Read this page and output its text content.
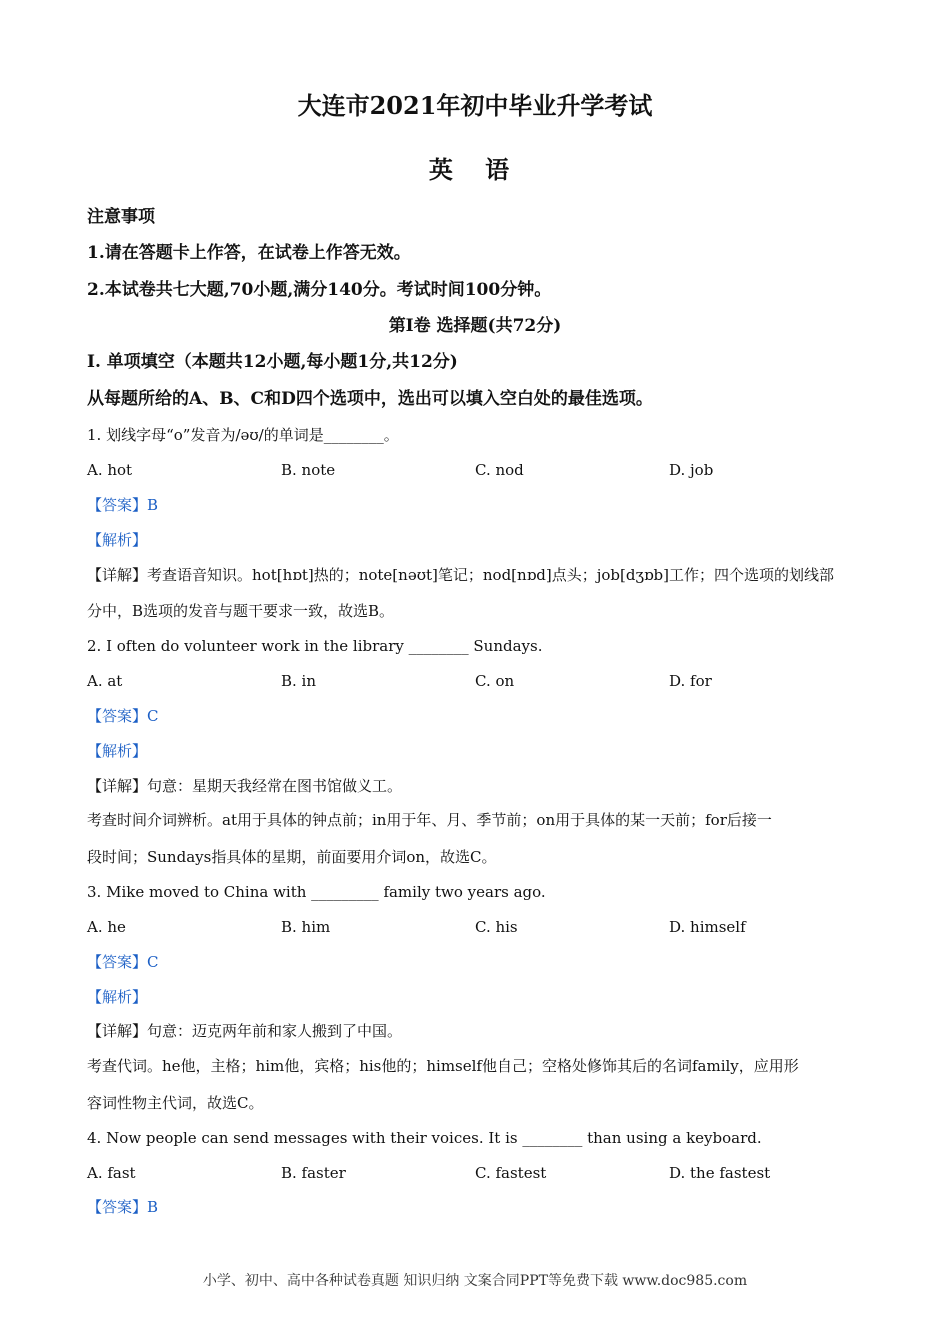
大连市2021年初中毕业升学考试
英 语
注意事项
1.请在答题卡上作答，在试卷上作答无效。
2.本试卷共七大题,70小题,满分140分。考试时间100分钟。
第Ⅰ卷 选择题(共72分)
Ⅰ. 单项填空（本题共12小题,每小题1分,共12分)
从每题所给的A、B、C和D四个选项中，选出可以填入空白处的最佳选项。
1. 划线字母“o”发音为/əʊ/的单词是________。
A. hot	B. note	C. nod	D. job
【答案】B
【解析】
【详解】考查语音知识。hot[hɒt]热的；note[nəʊt]笔记；nod[nɒd]点头；job[dʒɒb]工作；四个选项的划线部
分中，B选项的发音与题干要求一致，故选B。
2. I often do volunteer work in the library ________ Sundays.
A. at	B. in	C. on	D. for
【答案】C
【解析】
【详解】句意：星期天我经常在图书馆做义工。
考查时间介词辨析。at用于具体的钟点前；in用于年、月、季节前；on用于具体的某一天前；for后接一
段时间；Sundays指具体的星期，前面要用介词on，故选C。
3. Mike moved to China with _________ family two years ago.
A. he	B. him	C. his	D. himself
【答案】C
【解析】
【详解】句意：迈克两年前和家人搬到了中国。
考查代词。he他，主格；him他，宾格；his他的；himself他自己；空格处修饰其后的名词family，应用形
容词性物主代词，故选C。
4. Now people can send messages with their voices. It is ________ than using a keyboard.
A. fast	B. faster	C. fastest	D. the fastest
【答案】B
小学、初中、高中各种试卷真题 知识归纳 文案合同PPT等免费下载 www.doc985.com
